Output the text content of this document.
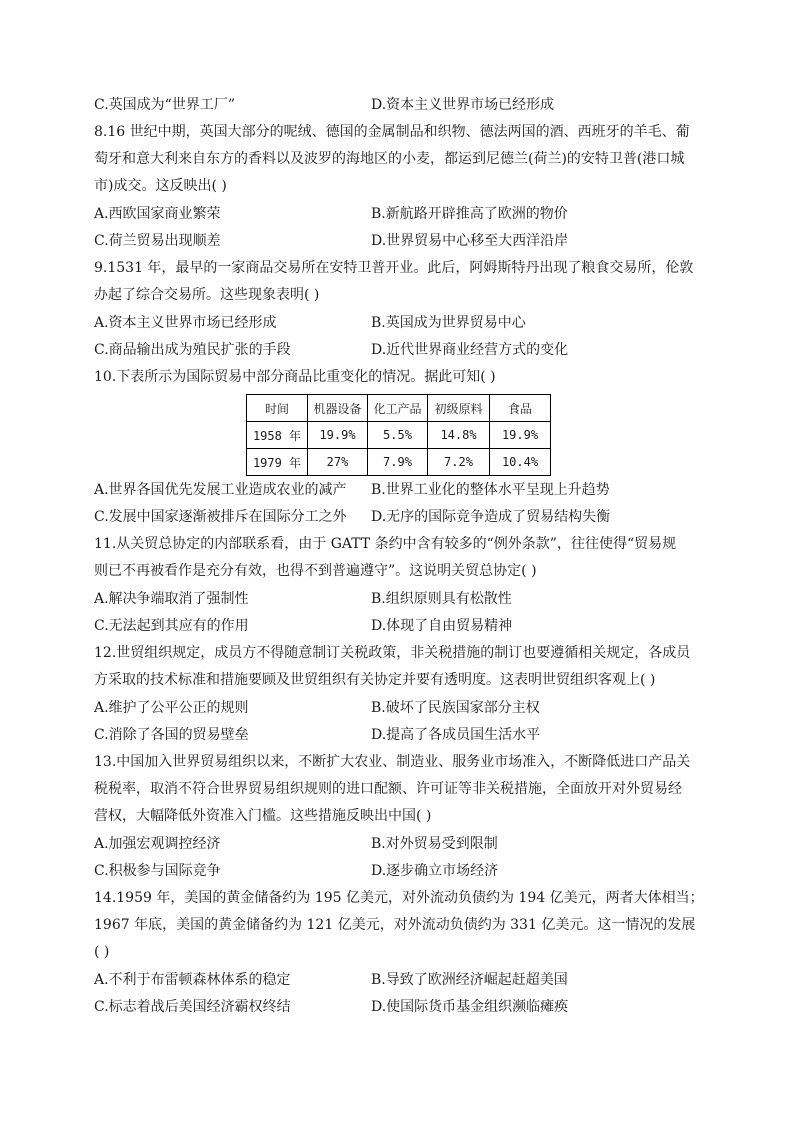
C.英国成为“世界工厂”	D.资本主义世界市场已经形成
8.16 世纪中期，英国大部分的呢绒、德国的金属制品和织物、德法两国的酒、西班牙的羊毛、葡
萄牙和意大利来自东方的香料以及波罗的海地区的小麦，都运到尼德兰(荷兰)的安特卫普(港口城
市)成交。这反映出( )
A.西欧国家商业繁荣	B.新航路开辟推高了欧洲的物价
C.荷兰贸易出现顺差	D.世界贸易中心移至大西洋沿岸
9.1531 年，最早的一家商品交易所在安特卫普开业。此后，阿姆斯特丹出现了粮食交易所，伦敦
办起了综合交易所。这些现象表明( )
A.资本主义世界市场已经形成	B.英国成为世界贸易中心
C.商品输出成为殖民扩张的手段	D.近代世界商业经营方式的变化
10.下表所示为国际贸易中部分商品比重变化的情况。据此可知( )
时间	机器设备	化工产品	初级原料	食品
1958 年	19.9%	5.5%	14.8%	19.9%
1979 年	27%	7.9%	7.2%	10.4%
A.世界各国优先发展工业造成农业的减产 B.世界工业化的整体水平呈现上升趋势
C.发展中国家逐渐被排斥在国际分工之外 D.无序的国际竞争造成了贸易结构失衡
11.从关贸总协定的内部联系看，由于 GATT 条约中含有较多的“例外条款”，往往使得“贸易规
则已不再被看作是充分有效，也得不到普遍遵守”。这说明关贸总协定( )
A.解决争端取消了强制性	B.组织原则具有松散性
C.无法起到其应有的作用	D.体现了自由贸易精神
12.世贸组织规定，成员方不得随意制订关税政策，非关税措施的制订也要遵循相关规定，各成员
方采取的技术标准和措施要顾及世贸组织有关协定并要有透明度。这表明世贸组织客观上( )
A.维护了公平公正的规则	B.破坏了民族国家部分主权
C.消除了各国的贸易壁垒	D.提高了各成员国生活水平
13.中国加入世界贸易组织以来，不断扩大农业、制造业、服务业市场准入，不断降低进口产品关
税税率，取消不符合世界贸易组织规则的进口配额、许可证等非关税措施，全面放开对外贸易经
营权，大幅降低外资准入门槛。这些措施反映出中国( )
A.加强宏观调控经济	B.对外贸易受到限制
C.积极参与国际竞争	D.逐步确立市场经济
14.1959 年，美国的黄金储备约为 195 亿美元，对外流动负债约为 194 亿美元，两者大体相当；
1967 年底，美国的黄金储备约为 121 亿美元，对外流动负债约为 331 亿美元。这一情况的发展
( )
A.不利于布雷顿森林体系的稳定	B.导致了欧洲经济崛起赶超美国
C.标志着战后美国经济霸权终结	D.使国际货币基金组织濒临瘫痪
